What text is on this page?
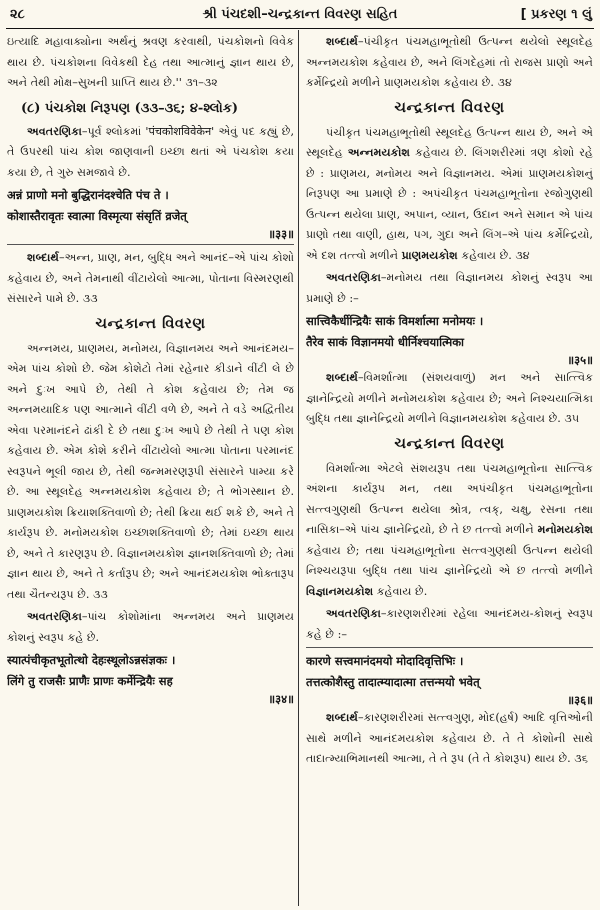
૨૮	શ્રી પંચદશી–ચન્દ્રકાન્ત વિવરણ સહિત	[ પ્રકરણ ૧ લું

ઇત્યાદિ મહાવાક્યોના અર્થનું શ્રવણ કરવાથી, પંચકોશનો વિવેક થાય છે. પંચકોશના વિવેકથી દેહ તથા આત્માનું જ્ઞાન થાય છે, અને તેથી મોક્ષ–સુખની પ્રાપ્તિ થાય છે.'' ૩૧–૩૨

(૮) પંચકોશ નિરૂપણ (૩૩–૩૬; ૪-શ્લોક)

અવતરણિકા–પૂર્વ શ્લોકમાં 'पंचकोशविवेकेन' એવું પદ કહ્યું છે, તે ઉપરથી પાંચ કોશ જાણવાની ઇચ્છા થતાં એ પંચકોશ કયા કયા છે, તે ગુરુ સમજાવે છે.

अन्नं प्राणो मनो बुद्धिरानंदश्चेति पंच ते ।

कोशास्तैरावृतः स्वात्मा विस्मृत्या संसृतिं व्रजेत्

॥३३॥

શબ્દાર્થ–અન્ન, પ્રાણ, મન, બુદ્ધિ અને આનંદ–એ પાંચ કોશો કહેવાય છે, અને તેમનાથી વીંટાયેલો આત્મા, પોતાના વિસ્મરણથી સંસારને પામે છે. ૩૩

ચન્દ્રકાન્ત વિવરણ

અન્નમય, પ્રાણમય, મનોમય, વિજ્ઞાનમય અને આનંદમય–એમ પાંચ કોશો છે. જેમ કોશેટો તેમાં રહેનાર કીડાને વીંટી લે છે અને દુઃખ આપે છે, તેથી તે કોશ કહેવાય છે; તેમ જ અન્નમયાદિક પણ આત્માને વીંટી વળે છે, અને તે વડે અદ્વિતીય એવા પરમાનંદને ઢાંકી દે છે તથા દુઃખ આપે છે તેથી તે પણ કોશ કહેવાય છે. એમ કોશે કરીને વીંટાયેલો આત્મા પોતાના પરમાનંદ સ્વરૂપને ભૂલી જાય છે, તેથી જન્મમરણરૂપી સંસારને પામ્યા કરે છે. આ સ્થૂલદેહ અન્નમયકોશ કહેવાય છે; તે ભોગસ્થાન છે. પ્રાણમયકોશ ક્રિયાશક્તિવાળો છે; તેથી ક્રિયા થઈ શકે છે, અને તે કાર્યરૂપ છે. મનોમયકોશ ઇચ્છાશક્તિવાળો છે; તેમાં ઇચ્છા થાય છે, અને તે કારણરૂપ છે. વિજ્ઞાનમયકોશ જ્ઞાનશક્તિવાળો છે; તેમાં જ્ઞાન થાય છે, અને તે કર્તારૂપ છે; અને આનંદમયકોશ ભોક્તારૂપ તથા ચૈતન્યરૂપ છે. ૩૩

અવતરણિકા–પાંચ કોશોમાંના અન્નમય અને પ્રાણમય કોશનું સ્વરૂપ કહે છે.

स्यात्पंचीकृतभूतोत्थो देहःस्थूलोऽन्नसंज्ञकः ।

लिंगे तु राजसैः प्राणैः प्राणः कर्मेन्द्रियैः सह

॥३४॥

શબ્દાર્થ–પંચીકૃત પંચમહાભૂતોથી ઉત્પન્ન થયેલો સ્થૂલદેહ અન્નમયકોશ કહેવાય છે, અને લિંગદેહમાં તો રાજસ પ્રાણો અને કર્મેન્દ્રિયો મળીને પ્રાણમયકોશ કહેવાય છે. ૩૪

ચન્દ્રકાન્ત વિવરણ

પંચીકૃત પંચમહાભૂતોથી સ્થૂલદેહ ઉત્પન્ન થાય છે, અને એ સ્થૂલદેહ અન્નમયકોશ કહેવાય છે. લિંગશરીરમાં ત્રણ કોશો રહે છે : પ્રાણમય, મનોમય અને વિજ્ઞાનમય. એમાં પ્રાણમયકોશનું નિરૂપણ આ પ્રમાણે છે : અપંચીકૃત પંચમહાભૂતોના રજોગુણથી ઉત્પન્ન થયેલા પ્રાણ, અપાન, વ્યાન, ઉદાન અને સમાન એ પાંચ પ્રાણો તથા વાણી, હાથ, પગ, ગુદા અને લિંગ–એ પાંચ કર્મેન્દ્રિયો, એ દશ તત્ત્વો મળીને પ્રાણમયકોશ કહેવાય છે. ૩૪

અવતરણિકા–મનોમય તથા વિજ્ઞાનમય કોશનું સ્વરૂપ આ પ્રમાણે છે :–

सात्त्विकैर्धीन्द्रियैः साकं विमर्शात्मा मनोमयः ।

तैरेव साकं विज्ञानमयो धीर्निश्चयात्मिका

॥३५॥

શબ્દાર્થ–વિમર્શાત્મા (સંશયવાળું) મન અને સાત્ત્વિક જ્ઞાનેન્દ્રિયો મળીને મનોમયકોશ કહેવાય છે; અને નિશ્ચયાત્મિકા બુદ્ધિ તથા જ્ઞાનેન્દ્રિયો મળીને વિજ્ઞાનમયકોશ કહેવાય છે. ૩૫

ચન્દ્રકાન્ત વિવરણ

વિમર્શાત્મા એટલે સંશયરૂપ તથા પંચમહાભૂતોના સાત્ત્વિક અંશના કાર્યરૂપ મન, તથા અપંચીકૃત પંચમહાભૂતોના સત્ત્વગુણથી ઉત્પન્ન થયેલા શ્રોત્ર, ત્વક્, ચક્ષુ, રસના તથા નાસિકા–એ પાંચ જ્ઞાનેન્દ્રિયો, છે તે છ તત્ત્વો મળીને મનોમયકોશ કહેવાય છે; તથા પંચમહાભૂતોના સત્ત્વગુણથી ઉત્પન્ન થયેલી નિશ્ચયરૂપા બુદ્ધિ તથા પાંચ જ્ઞાનેન્દ્રિયો એ છ તત્ત્વો મળીને વિજ્ઞાનમયકોશ કહેવાય છે.

અવતરણિકા–કારણશરીરમાં રહેલા આનંદમય-કોશનું સ્વરૂપ કહે છે :–

कारणे सत्त्वमानंदमयो मोदादिवृत्तिभिः ।

तत्तत्कोशैस्तु तादात्म्यादात्मा तत्तन्मयो भवेत्

॥३६॥

શબ્દાર્થ–કારણશરીરમાં સત્ત્વગુણ, મોદ(હર્ષ) આદિ વૃત્તિઓની સાથે મળીને આનંદમયકોશ કહેવાય છે. તે તે કોશોની સાથે તાદાત્મ્યાભિમાનથી આત્મા, તે તે રૂપ (તે તે કોશરૂપ) થાય છે. ૩૬
